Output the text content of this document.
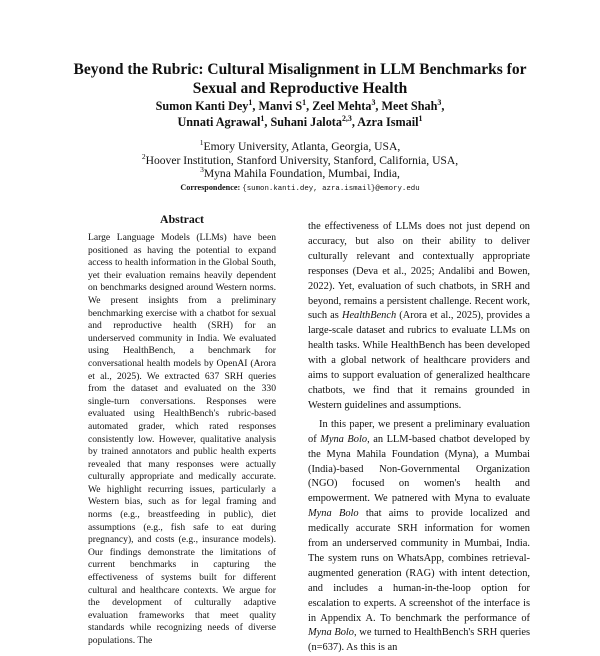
Beyond the Rubric: Cultural Misalignment in LLM Benchmarks for Sexual and Reproductive Health
Sumon Kanti Dey$^1$, Manvi $S^1$, Zeel Mehta$^3$, Meet Shah$^3$,
Unnati Agrawal$^1$, Suhani Jalota$^{2,3}$, Azra Ismail$^1$
$^1$Emory University, Atlanta, Georgia, USA,
$^2$Hoover Institution, Stanford University, Stanford, California, USA,
$^3$Myna Mahila Foundation, Mumbai, India,
Correspondence: {sumon.kanti.dey, azra.ismail}@emory.edu
Abstract
Large Language Models (LLMs) have been positioned as having the potential to expand access to health information in the Global South, yet their evaluation remains heavily dependent on benchmarks designed around Western norms. We present insights from a preliminary benchmarking exercise with a chatbot for sexual and reproductive health (SRH) for an underserved community in India. We evaluated using HealthBench, a benchmark for conversational health models by OpenAI (Arora et al., 2025). We extracted 637 SRH queries from the dataset and evaluated on the 330 single-turn conversations. Responses were evaluated using HealthBench's rubric-based automated grader, which rated responses consistently low. However, qualitative analysis by trained annotators and public health experts revealed that many responses were actually culturally appropriate and medically accurate. We highlight recurring issues, particularly a Western bias, such as for legal framing and norms (e.g., breastfeeding in public), diet assumptions (e.g., fish safe to eat during pregnancy), and costs (e.g., insurance models). Our findings demonstrate the limitations of current benchmarks in capturing the effectiveness of systems built for different cultural and healthcare contexts. We argue for the development of culturally adaptive evaluation frameworks that meet quality standards while recognizing needs of diverse populations. The

the effectiveness of LLMs does not just depend on accuracy, but also on their ability to deliver culturally relevant and contextually appropriate responses (Deva et al., 2025; Andalibi and Bowen, 2022). Yet, evaluation of such chatbots, in SRH and beyond, remains a persistent challenge. Recent work, such as HealthBench (Arora et al., 2025), provides a large-scale dataset and rubrics to evaluate LLMs on health tasks. While HealthBench has been developed with a global network of healthcare providers and aims to support evaluation of generalized healthcare chatbots, we find that it remains grounded in Western guidelines and assumptions.

In this paper, we present a preliminary evaluation of Myna Bolo, an LLM-based chatbot developed by the Myna Mahila Foundation (Myna), a Mumbai (India)-based Non-Governmental Organization (NGO) focused on women's health and empowerment. We patnered with Myna to evaluate Myna Bolo that aims to provide localized and medically accurate SRH information for women from an underserved community in Mumbai, India. The system runs on WhatsApp, combines retrieval-augmented generation (RAG) with intent detection, and includes a human-in-the-loop option for escalation to experts. A screenshot of the interface is in Appendix A. To benchmark the performance of Myna Bolo, we turned to HealthBench's SRH queries (n=637). As this is an
